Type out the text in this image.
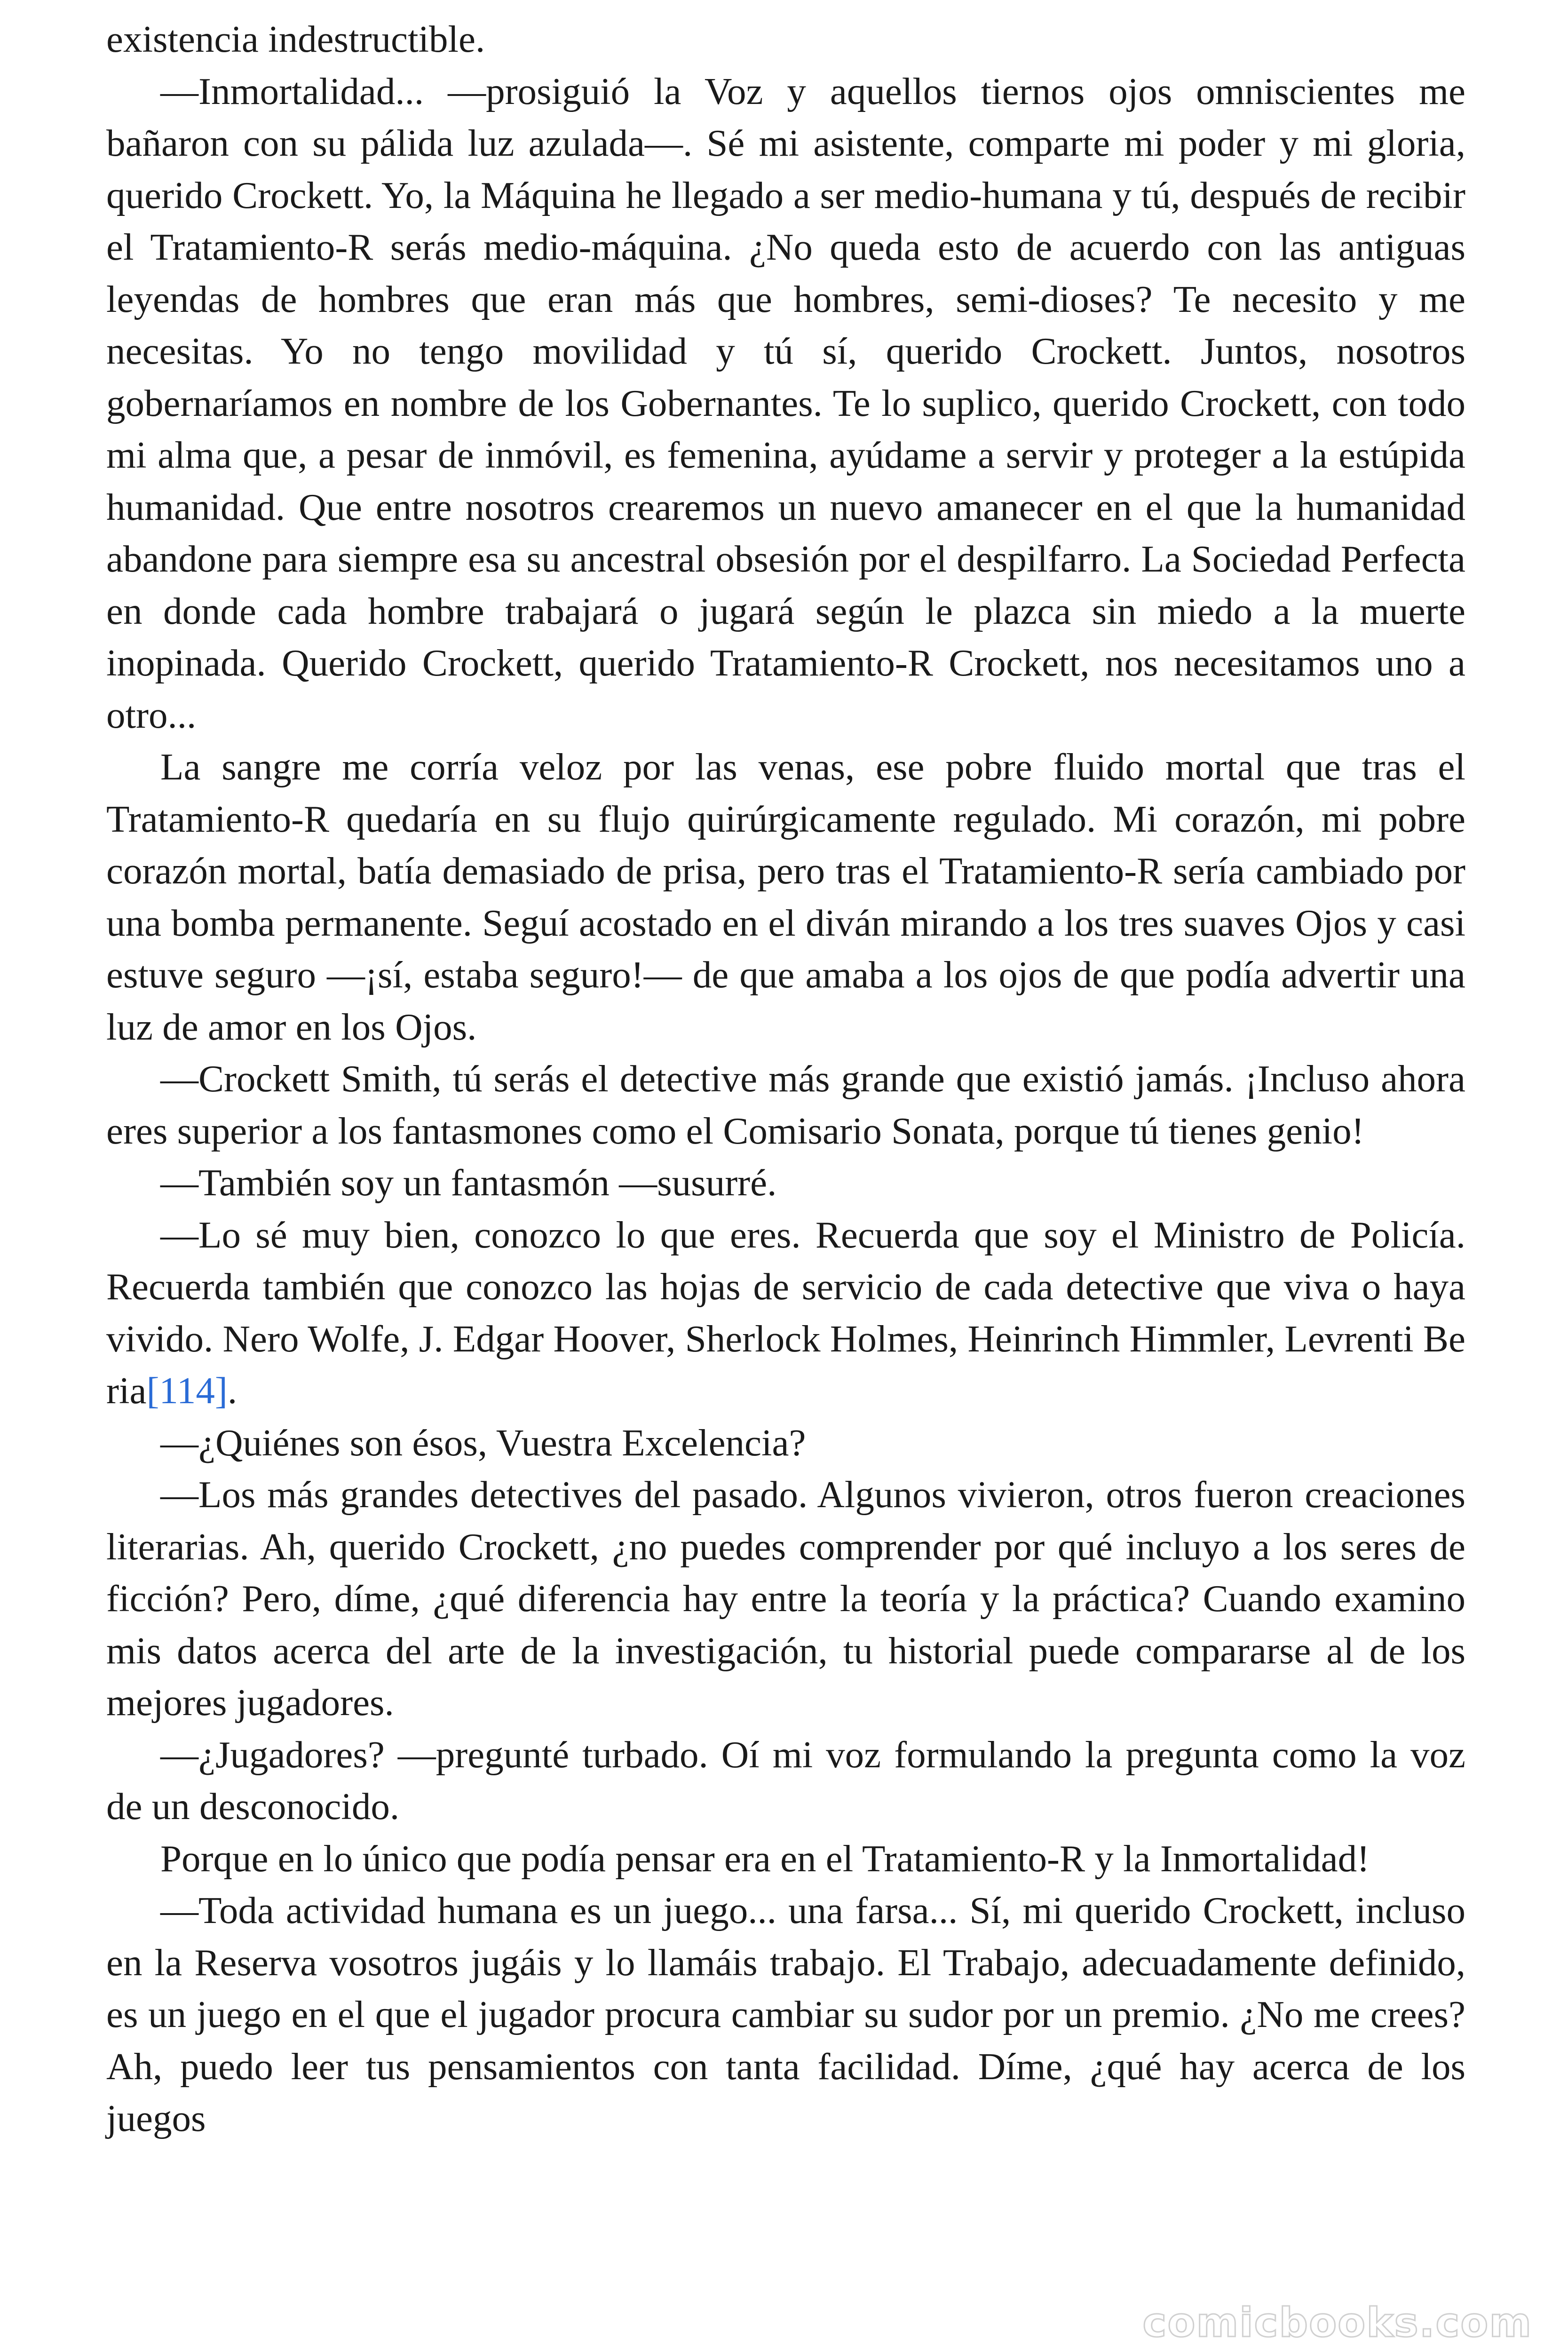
existencia indestructible.

—Inmortalidad... —prosiguió la Voz y aquellos tiernos ojos omniscientes me bañaron con su pálida luz azulada—. Sé mi asistente, comparte mi poder y mi gloria, querido Crockett. Yo, la Máquina he llegado a ser medio-humana y tú, después de recibir el Tratamiento-R serás medio-máquina. ¿No queda esto de acuerdo con las antiguas leyendas de hombres que eran más que hombres, semi-dioses? Te necesito y me necesitas. Yo no tengo movilidad y tú sí, querido Crockett. Juntos, nosotros gobernaríamos en nombre de los Gobernantes. Te lo suplico, querido Crockett, con todo mi alma que, a pesar de inmóvil, es femenina, ayúdame a servir y proteger a la estúpida humanidad. Que entre nosotros crearemos un nuevo amanecer en el que la humanidad abandone para siempre esa su ancestral obsesión por el despilfarro. La Sociedad Perfecta en donde cada hombre trabajará o jugará según le plazca sin miedo a la muerte inopinada. Querido Crockett, querido Tratamiento-R Crockett, nos necesitamos uno a otro...

La sangre me corría veloz por las venas, ese pobre fluido mortal que tras el Tratamiento-R quedaría en su flujo quirúrgicamente regulado. Mi corazón, mi pobre corazón mortal, batía demasiado de prisa, pero tras el Tratamiento-R sería cambiado por una bomba permanente. Seguí acostado en el diván mirando a los tres suaves Ojos y casi estuve seguro —¡sí, estaba seguro!— de que amaba a los ojos de que podía advertir una luz de amor en los Ojos.

—Crockett Smith, tú serás el detective más grande que existió jamás. ¡Incluso ahora eres superior a los fantasmones como el Comisario Sonata, porque tú tienes genio!

—También soy un fantasmón —susurré.

—Lo sé muy bien, conozco lo que eres. Recuerda que soy el Ministro de Policía. Recuerda también que conozco las hojas de servicio de cada detective que viva o haya vivido. Nero Wolfe, J. Edgar Hoover, Sherlock Holmes, Heinrinch Himmler, Levrenti Be ria[114].

—¿Quiénes son ésos, Vuestra Excelencia?

—Los más grandes detectives del pasado. Algunos vivieron, otros fueron creaciones literarias. Ah, querido Crockett, ¿no puedes comprender por qué incluyo a los seres de ficción? Pero, díme, ¿qué diferencia hay entre la teoría y la práctica? Cuando examino mis datos acerca del arte de la investigación, tu historial puede compararse al de los mejores jugadores.

—¿Jugadores? —pregunté turbado. Oí mi voz formulando la pregunta como la voz de un desconocido.

Porque en lo único que podía pensar era en el Tratamiento-R y la Inmortalidad!

—Toda actividad humana es un juego... una farsa... Sí, mi querido Crockett, incluso en la Reserva vosotros jugáis y lo llamáis trabajo. El Trabajo, adecuadamente definido, es un juego en el que el jugador procura cambiar su sudor por un premio. ¿No me crees? Ah, puedo leer tus pensamientos con tanta facilidad. Díme, ¿qué hay acerca de los juegos

comicbooks.com
